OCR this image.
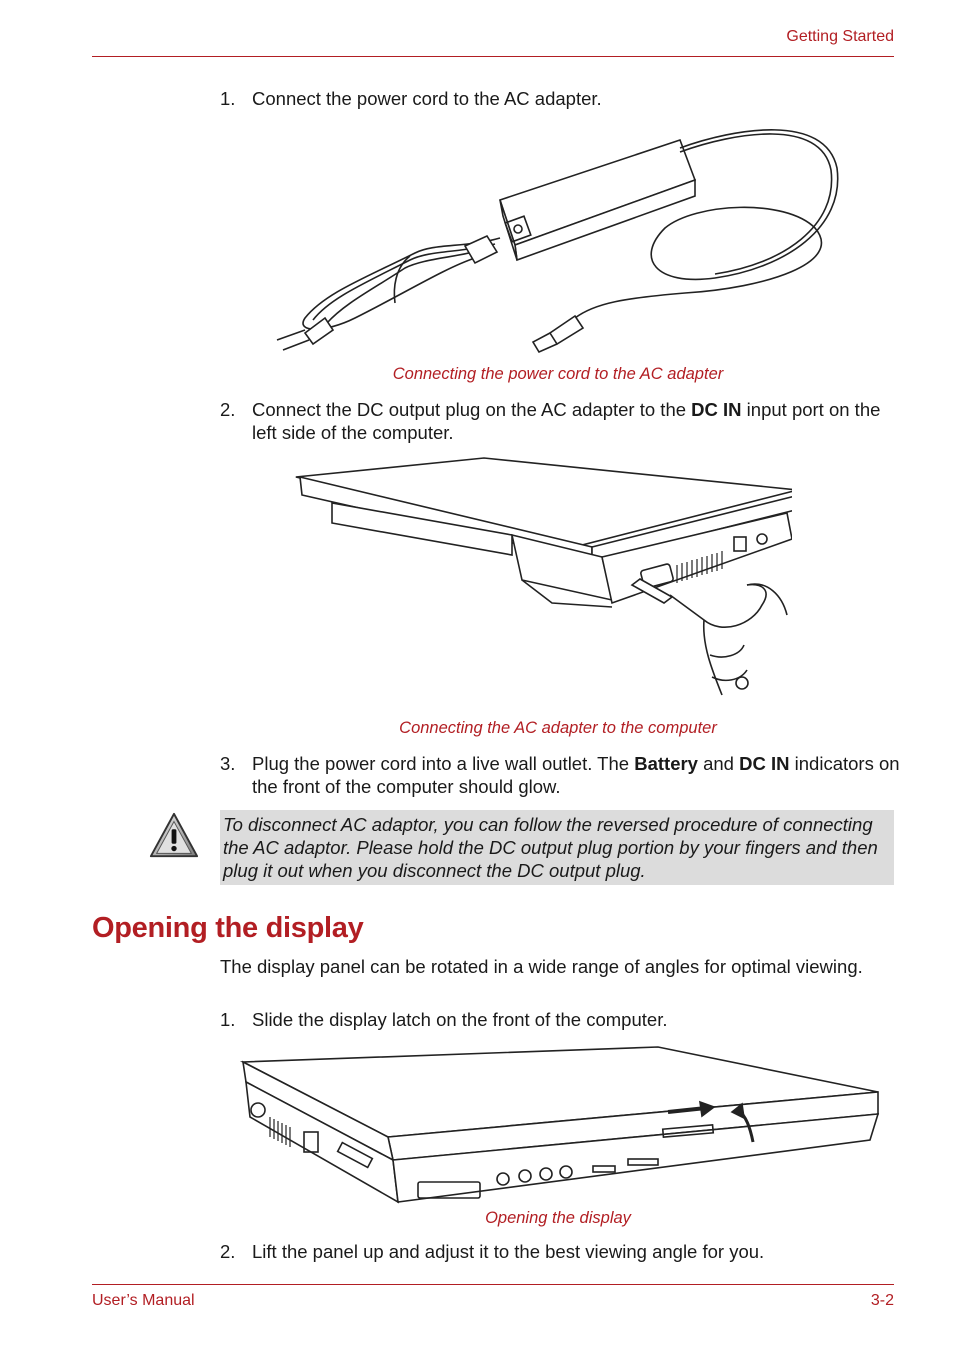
Getting Started
1. Connect the power cord to the AC adapter.
Connecting the power cord to the AC adapter
2. Connect the DC output plug on the AC adapter to the DC IN input port on the left side of the computer.
Connecting the AC adapter to the computer
3. Plug the power cord into a live wall outlet. The Battery and DC IN indicators on the front of the computer should glow.
To disconnect AC adaptor, you can follow the reversed procedure of connecting the AC adaptor. Please hold the DC output plug portion by your fingers and then plug it out when you disconnect the DC output plug.
Opening the display
The display panel can be rotated in a wide range of angles for optimal viewing.
1. Slide the display latch on the front of the computer.
Opening the display
2. Lift the panel up and adjust it to the best viewing angle for you.
User’s Manual	3-2
